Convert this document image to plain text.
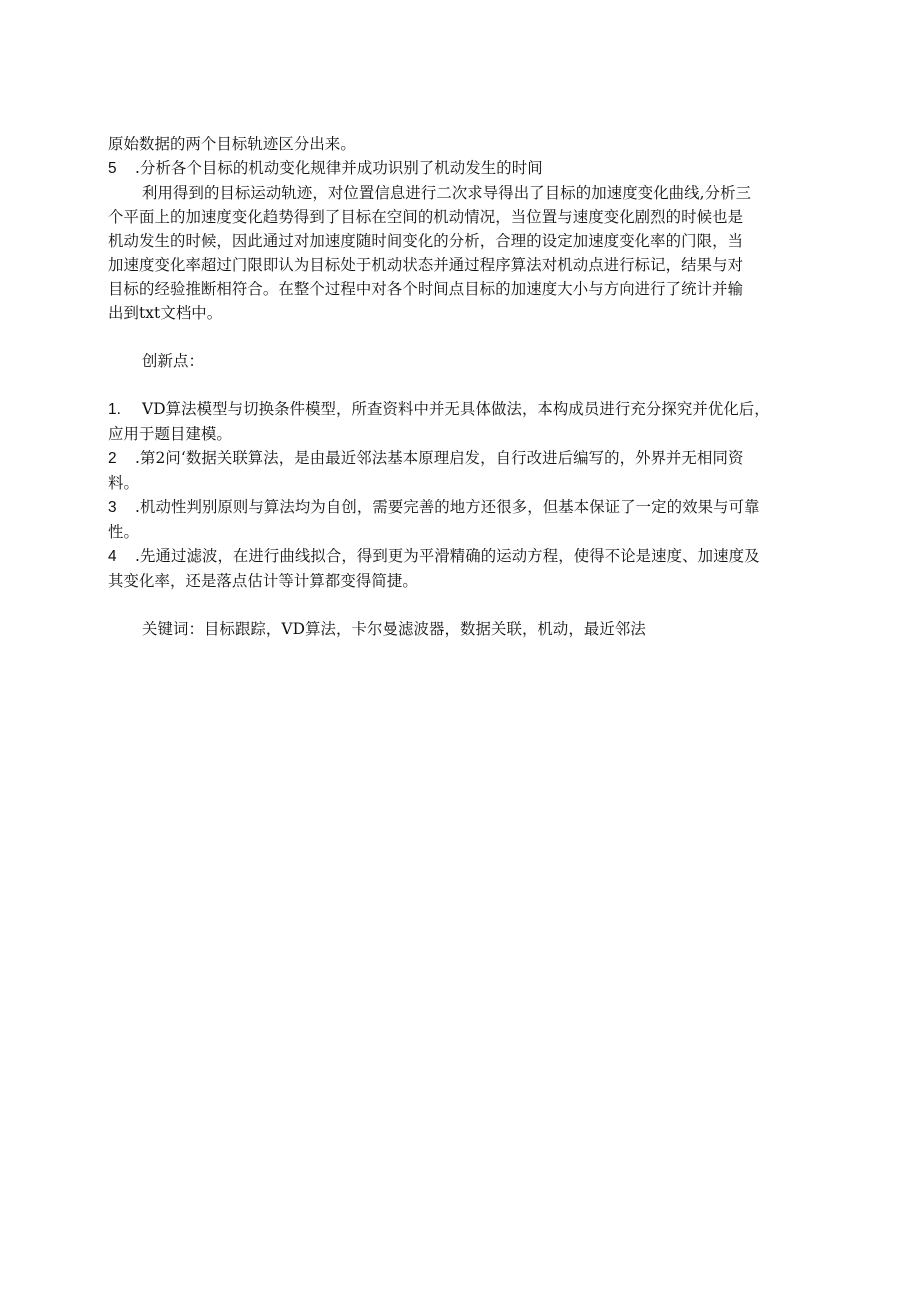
原始数据的两个目标轨迹区分出来。
5 .分析各个目标的机动变化规律并成功识别了机动发生的时间
利用得到的目标运动轨迹，对位置信息进行二次求导得出了目标的加速度变化曲线,分析三
个平面上的加速度变化趋势得到了目标在空间的机动情况，当位置与速度变化剧烈的时候也是
机动发生的时候，因此通过对加速度随时间变化的分析，合理的设定加速度变化率的门限，当
加速度变化率超过门限即认为目标处于机动状态并通过程序算法对机动点进行标记，结果与对
目标的经验推断相符合。在整个过程中对各个时间点目标的加速度大小与方向进行了统计并输
出到txt文档中。
创新点：
1. VD算法模型与切换条件模型，所查资料中并无具体做法，本构成员进行充分探究并优化后，
应用于题目建模。
2 .第2问‘数据关联算法，是由最近邻法基本原理启发，自行改进后编写的，外界并无相同资
料。
3 .机动性判别原则与算法均为自创，需要完善的地方还很多，但基本保证了一定的效果与可靠
性。
4 .先通过滤波，在进行曲线拟合，得到更为平滑精确的运动方程，使得不论是速度、加速度及
其变化率，还是落点估计等计算都变得简捷。
关键词：目标跟踪，VD算法，卡尔曼滤波器，数据关联，机动，最近邻法
